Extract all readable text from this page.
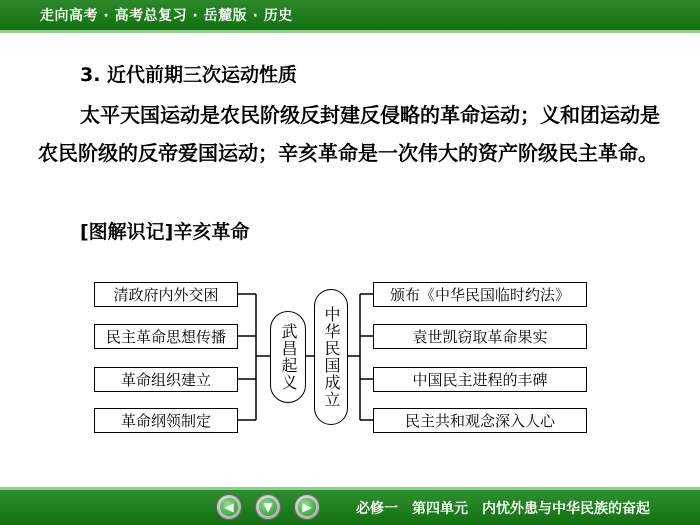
走向高考 · 高考总复习 · 岳麓版 · 历史
3. 近代前期三次运动性质
太平天国运动是农民阶级反封建反侵略的革命运动；义和团运动是农民阶级的反帝爱国运动；辛亥革命是一次伟大的资产阶级民主革命。
[图解识记]辛亥革命
清政府内外交困
民主革命思想传播
革命组织建立
革命纲领制定
武昌起义 中华民国成立
颁布《中华民国临时约法》
袁世凯窃取革命果实
中国民主进程的丰碑
民主共和观念深入人心
必修一　第四单元　内忧外患与中华民族的奋起
◀	▼	▶
